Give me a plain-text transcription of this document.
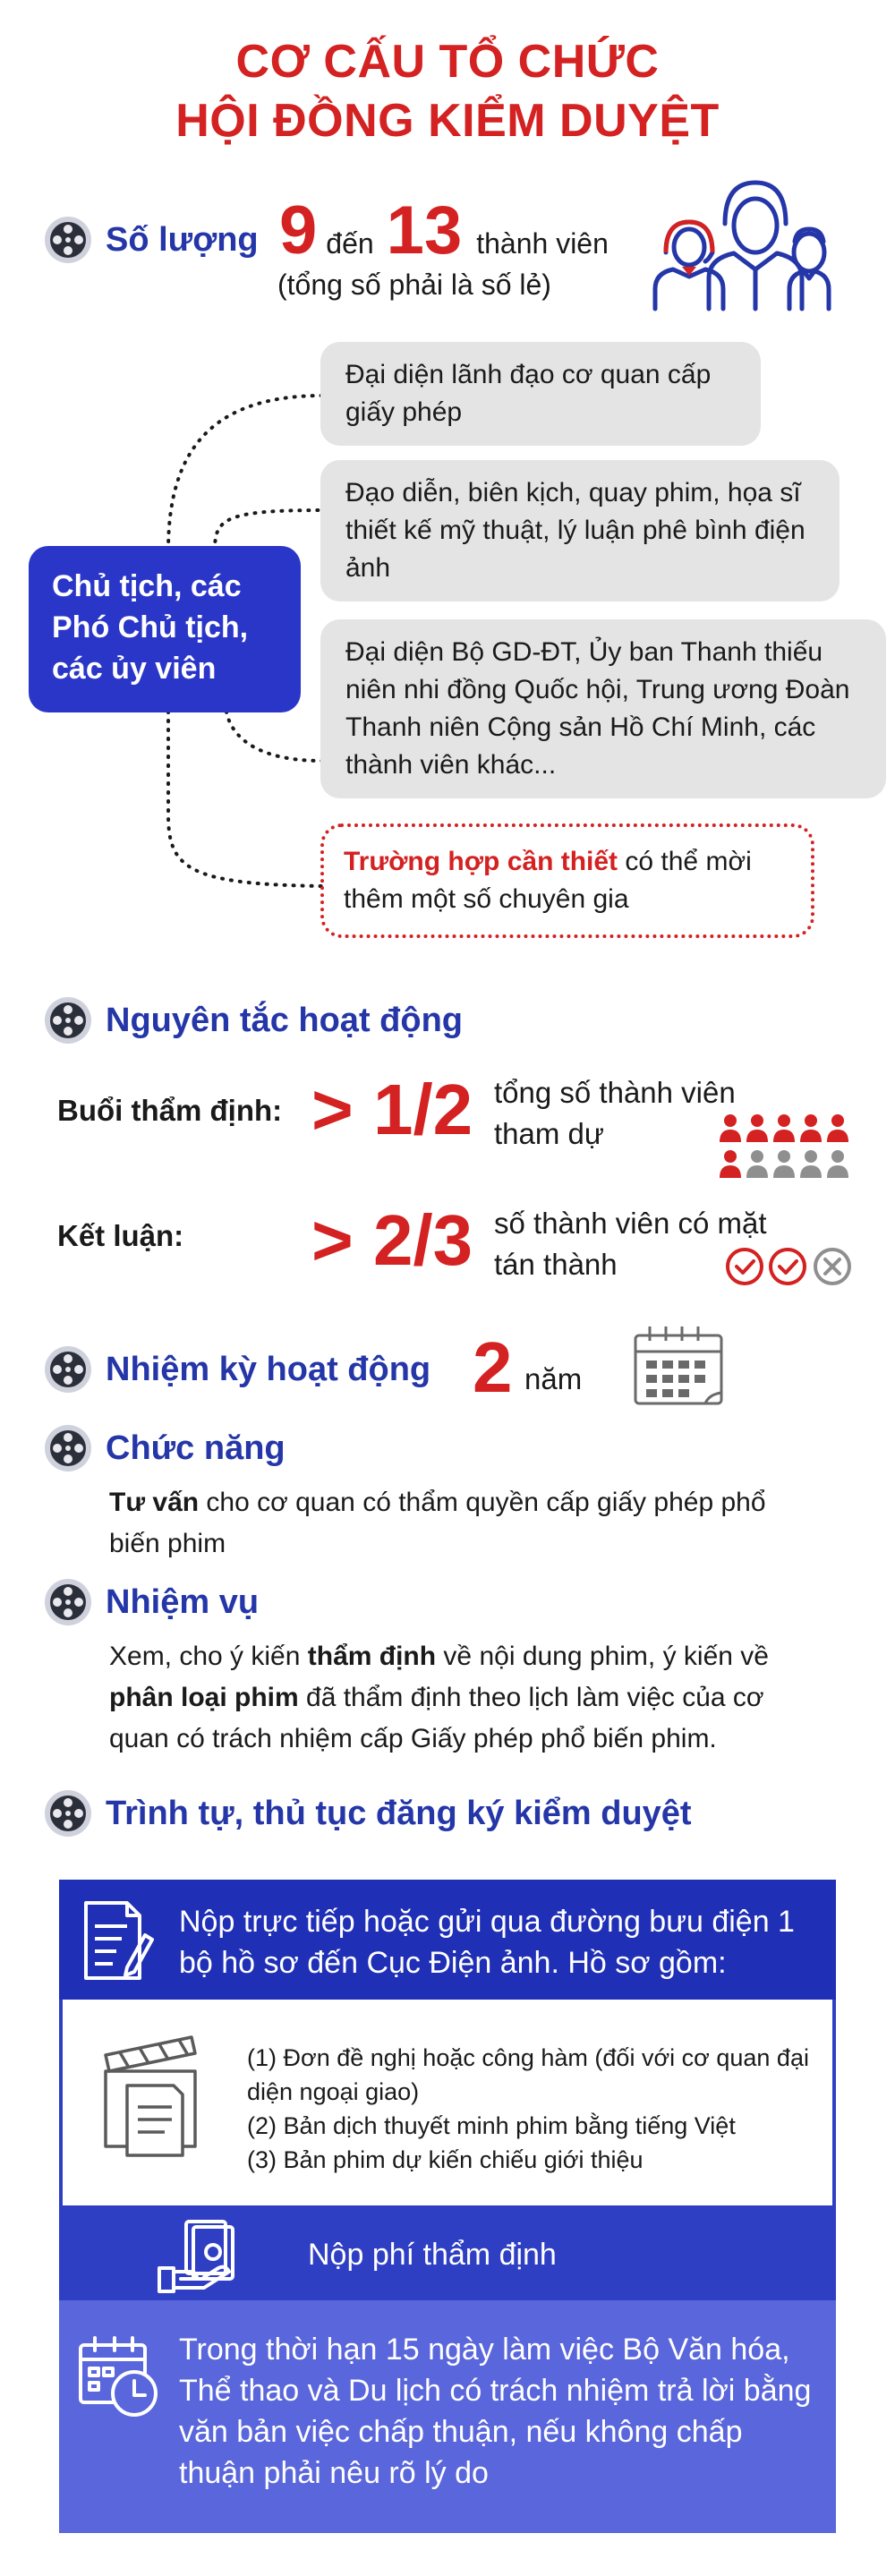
CƠ CẤU TỔ CHỨC
HỘI ĐỒNG KIỂM DUYỆT
Số lượng 9 đến 13 thành viên
(tổng số phải là số lẻ)
Chủ tịch, các Phó Chủ tịch, các ủy viên
Đại diện lãnh đạo cơ quan cấp giấy phép
Đạo diễn, biên kịch, quay phim, họa sĩ thiết kế mỹ thuật, lý luận phê bình điện ảnh
Đại diện Bộ GD-ĐT, Ủy ban Thanh thiếu niên nhi đồng Quốc hội, Trung ương Đoàn Thanh niên Cộng sản Hồ Chí Minh, các thành viên khác...
Trường hợp cần thiết có thể mời thêm một số chuyên gia
Nguyên tắc hoạt động
Buổi thẩm định: > 1/2 tổng số thành viên tham dự
Kết luận: > 2/3 số thành viên có mặt tán thành
Nhiệm kỳ hoạt động 2 năm
Chức năng
Tư vấn cho cơ quan có thẩm quyền cấp giấy phép phổ biến phim
Nhiệm vụ
Xem, cho ý kiến thẩm định về nội dung phim, ý kiến về phân loại phim đã thẩm định theo lịch làm việc của cơ quan có trách nhiệm cấp Giấy phép phổ biến phim.
Trình tự, thủ tục đăng ký kiểm duyệt
Nộp trực tiếp hoặc gửi qua đường bưu điện 1 bộ hồ sơ đến Cục Điện ảnh. Hồ sơ gồm:
(1) Đơn đề nghị hoặc công hàm (đối với cơ quan đại diện ngoại giao)
(2) Bản dịch thuyết minh phim bằng tiếng Việt
(3) Bản phim dự kiến chiếu giới thiệu
Nộp phí thẩm định
Trong thời hạn 15 ngày làm việc Bộ Văn hóa, Thể thao và Du lịch có trách nhiệm trả lời bằng văn bản việc chấp thuận, nếu không chấp thuận phải nêu rõ lý do
